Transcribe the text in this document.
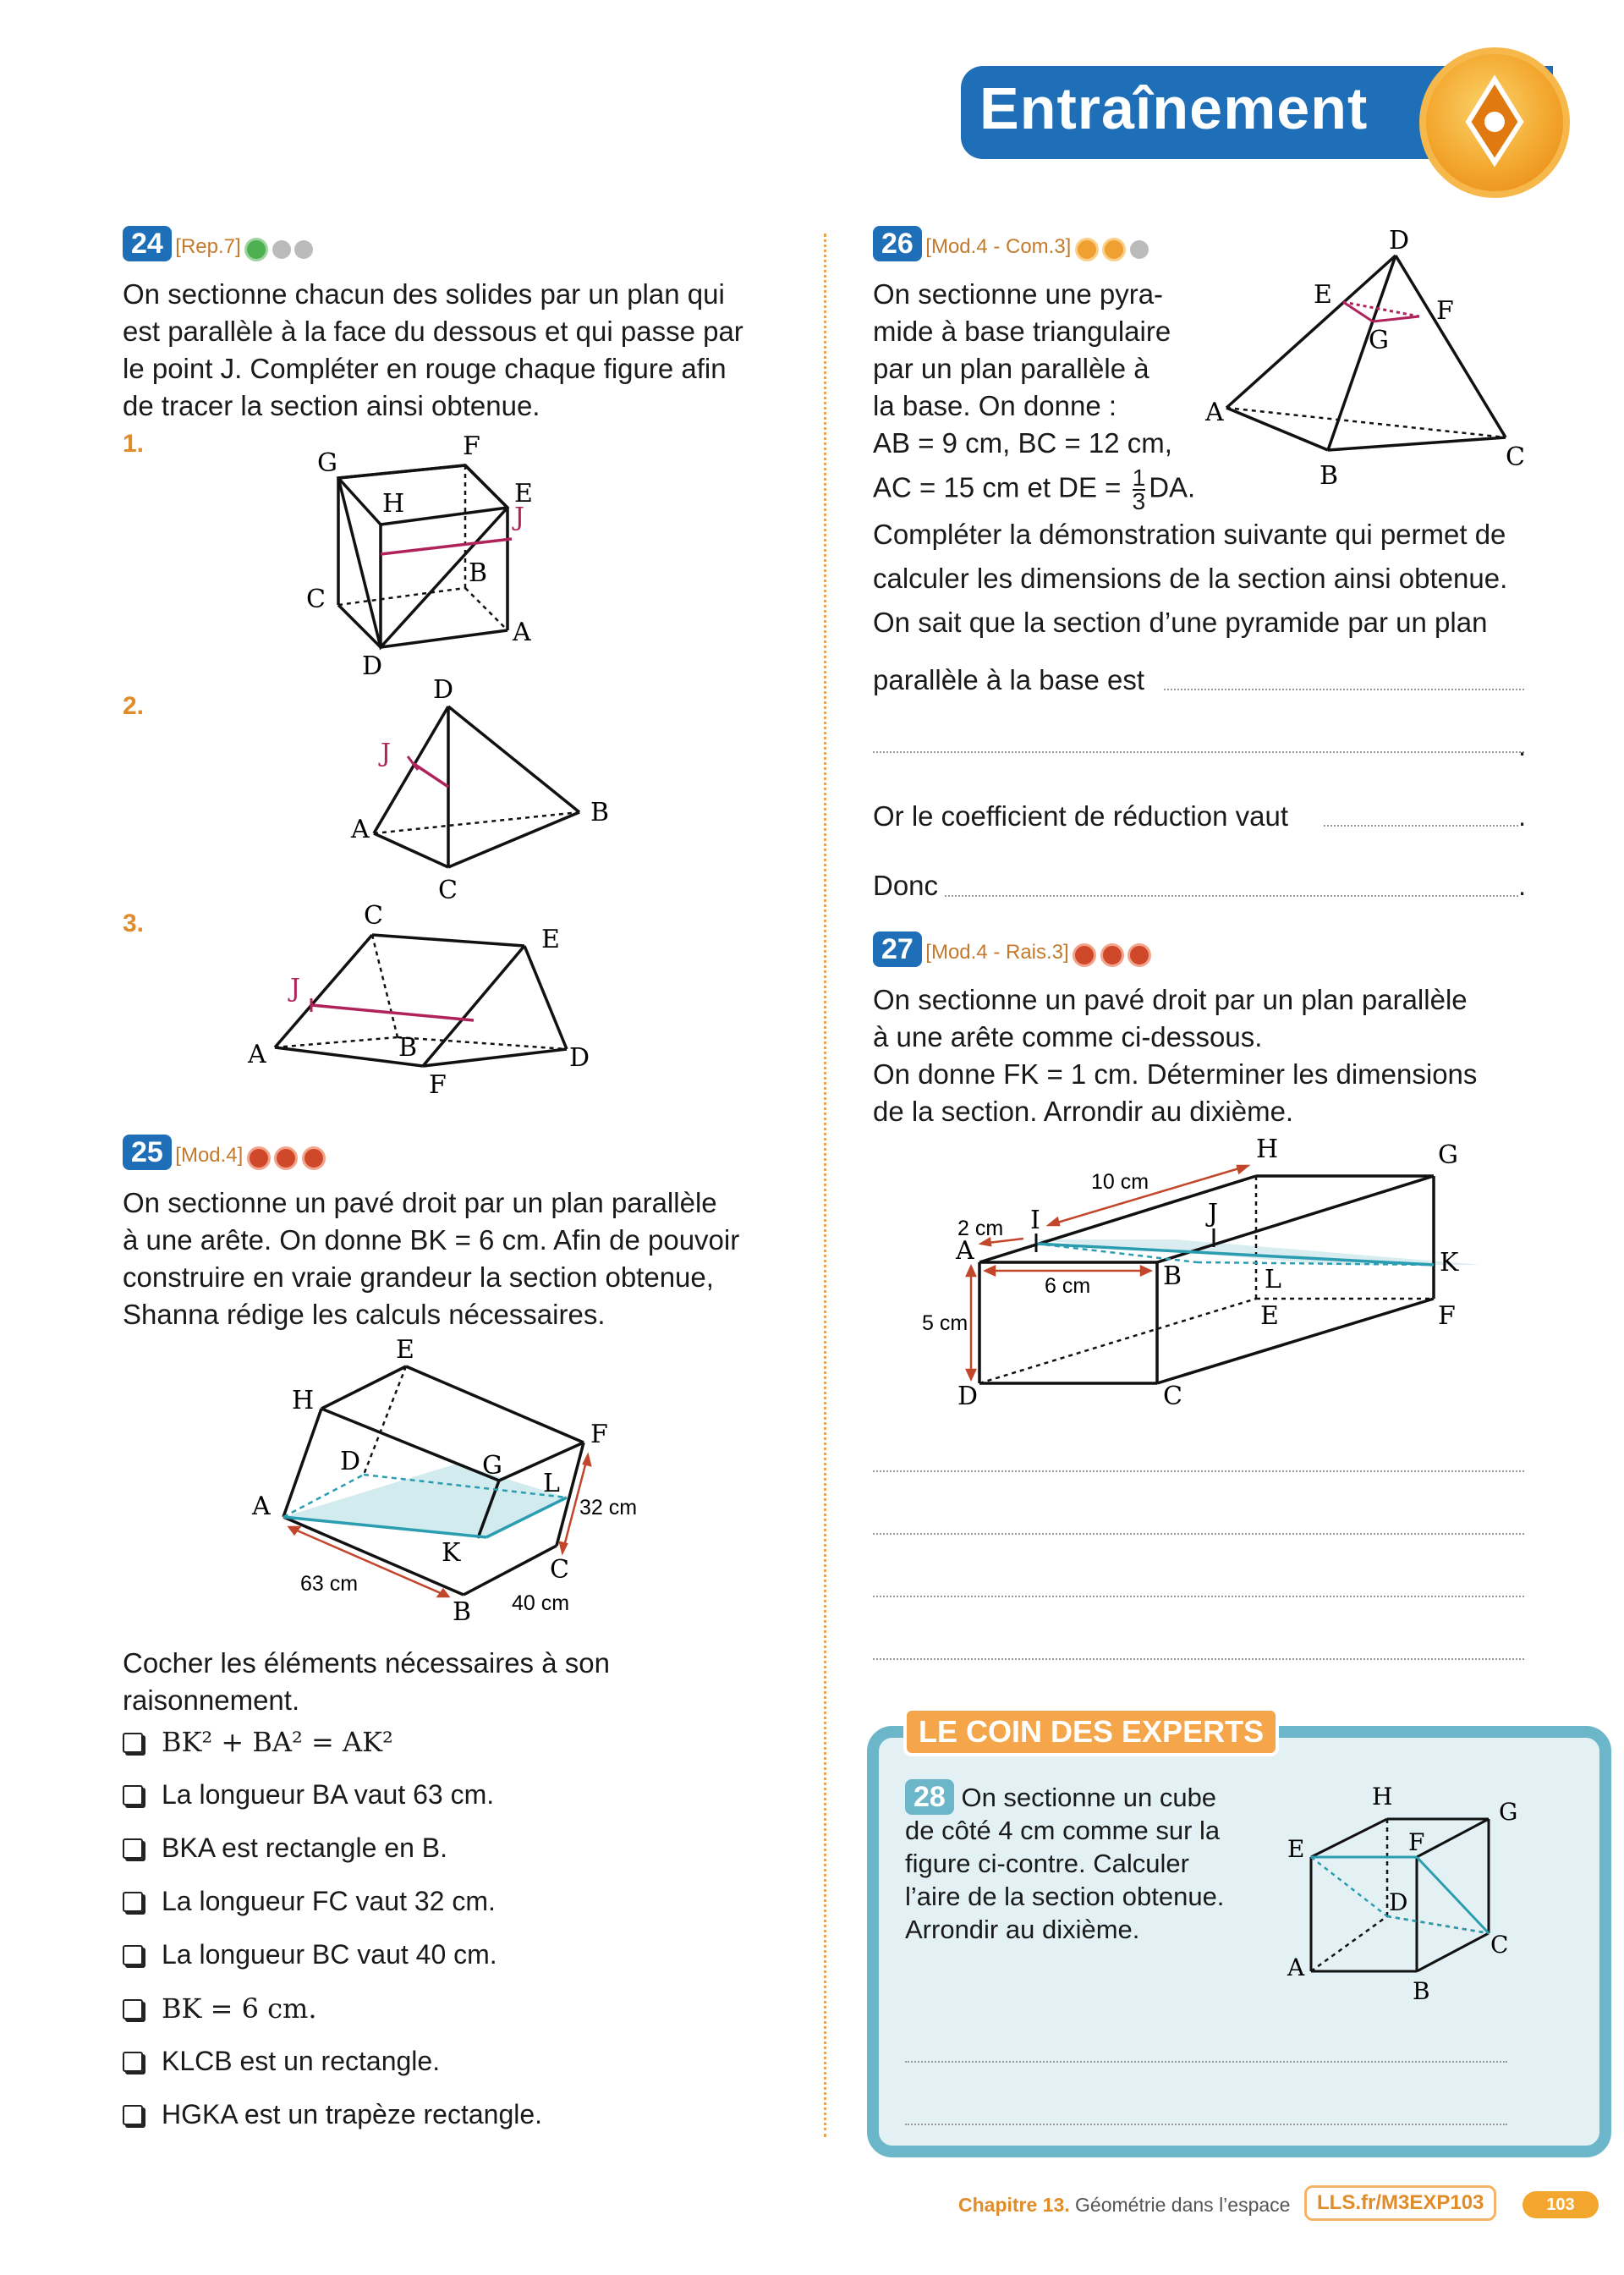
Entraînement
24 [Rep.7]
On sectionne chacun des solides par un plan qui
est parallèle à la face du dessous et qui passe par
le point J. Compléter en rouge chaque figure afin
de tracer la section ainsi obtenue.
1.
2.
3.
G
F
H	E
J
B
C
A
D
D
J
B
A
C
C
E
J
A	B	D
F
25 [Mod.4]
On sectionne un pavé droit par un plan parallèle
à une arête. On donne BK = 6 cm. Afin de pouvoir
construire en vraie grandeur la section obtenue,
Shanna rédige les calculs nécessaires.
E
H
F
D	G
L
A	32 cm
K
C
63 cm
B 40 cm
Cocher les éléments nécessaires à son
raisonnement.
BK² + BA² = AK²
La longueur BA vaut 63 cm.
BKA est rectangle en B.
La longueur FC vaut 32 cm.
La longueur BC vaut 40 cm.
BK = 6 cm.
KLCB est un rectangle.
HGKA est un trapèze rectangle.
26 [Mod.4 - Com.3]
On sectionne une pyra-
mide à base triangulaire
par un plan parallèle à
la base. On donne :
AB = 9 cm, BC = 12 cm,
AC = 15 cm et DE = $\frac{1}{3}$ DA.
D
E
F
G
A
B
C
Compléter la démonstration suivante qui permet de
calculer les dimensions de la section ainsi obtenue.
On sait que la section d’une pyramide par un plan
parallèle à la base est
.
Or le coefficient de réduction vaut	.
Donc	.
27 [Mod.4 - Rais.3]
On sectionne un pavé droit par un plan parallèle
à une arête comme ci-dessous.
On donne FK = 1 cm. Déterminer les dimensions
de la section. Arrondir au dixième.
10 cm
H	G
2 cm I	J
A	K
6 cm	B	L
E	F
5 cm
D	C
LE COIN DES EXPERTS
28 On sectionne un cube
de côté 4 cm comme sur la
figure ci-contre. Calculer
l’aire de la section obtenue.
Arrondir au dixième.
H
G
E	F
D
A
C
B
Chapitre 13. Géométrie dans l’espace	LLS.fr/M3EXP103	103
